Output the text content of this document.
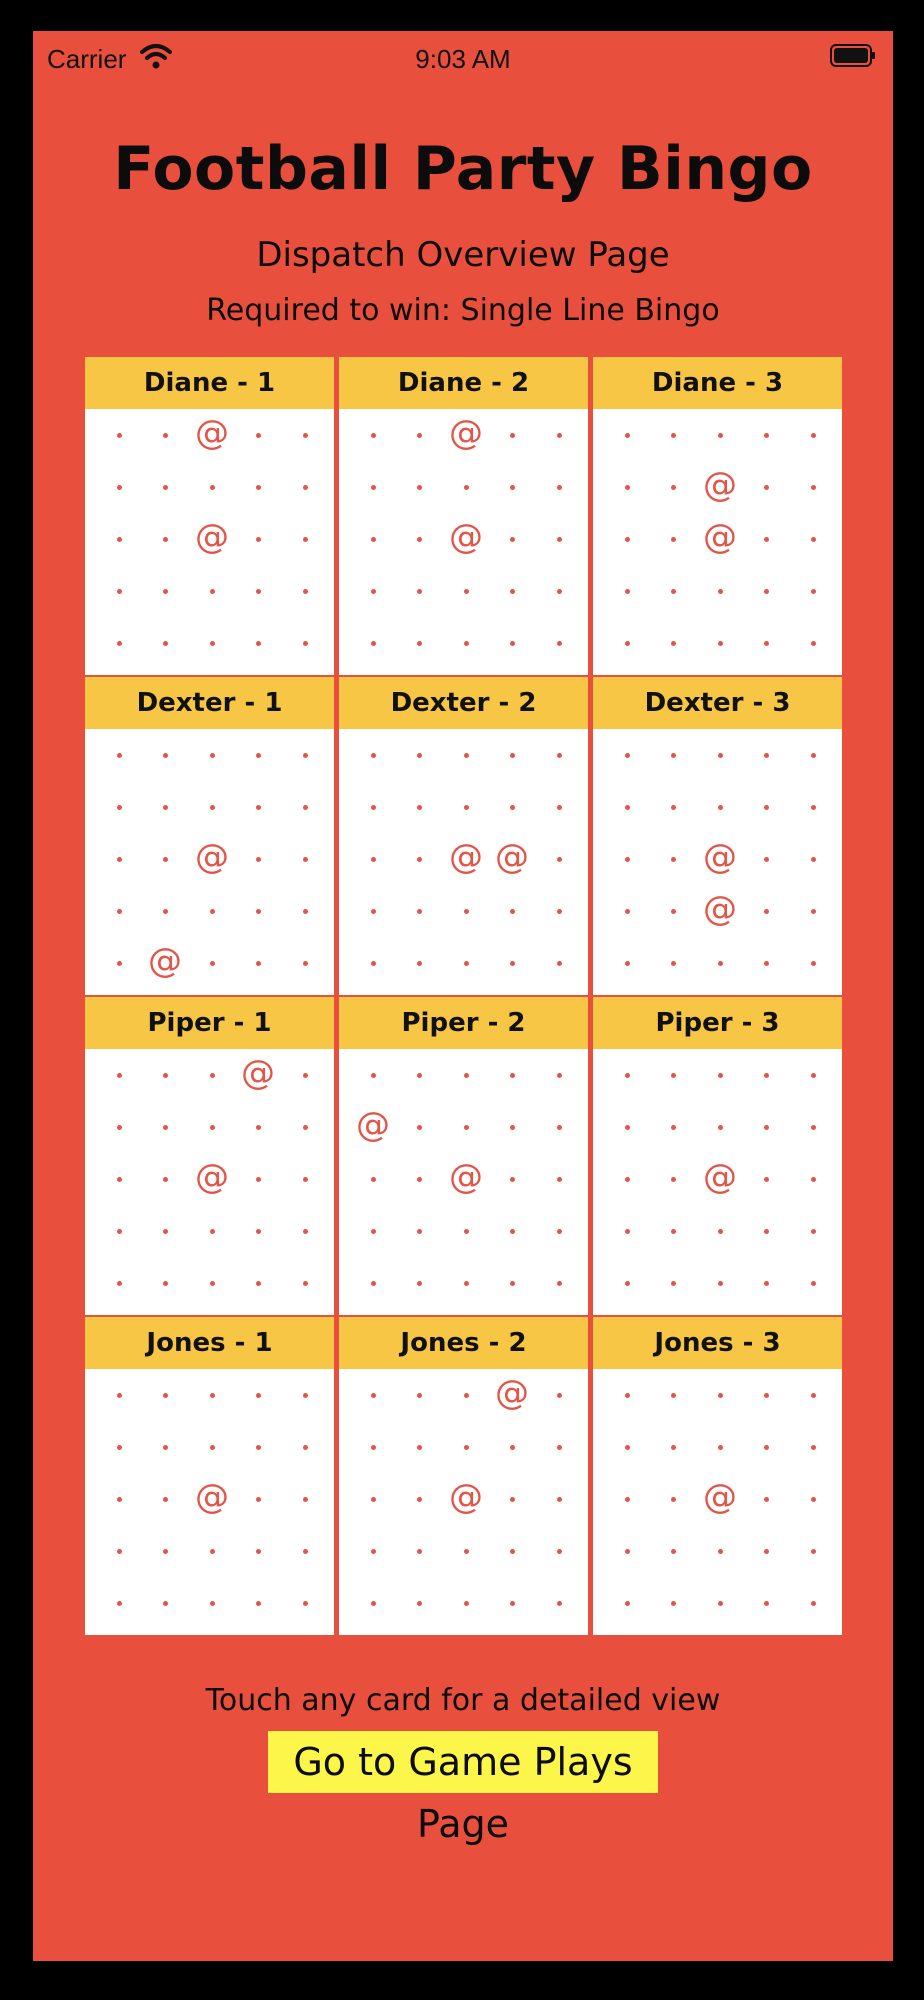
Carrier	9:03 AM
Football Party Bingo
Dispatch Overview Page
Required to win: Single Line Bingo
Diane - 1
@
@
Diane - 2
@
@
Diane - 3
@
@
Dexter - 1
@
@
Dexter - 2
@ @
Dexter - 3
@
@
Piper - 1
@
@
Piper - 2
@
@
Piper - 3
@
Jones - 1
@
Jones - 2
@
@
Jones - 3
@
Touch any card for a detailed view
Go to Game Plays Page
